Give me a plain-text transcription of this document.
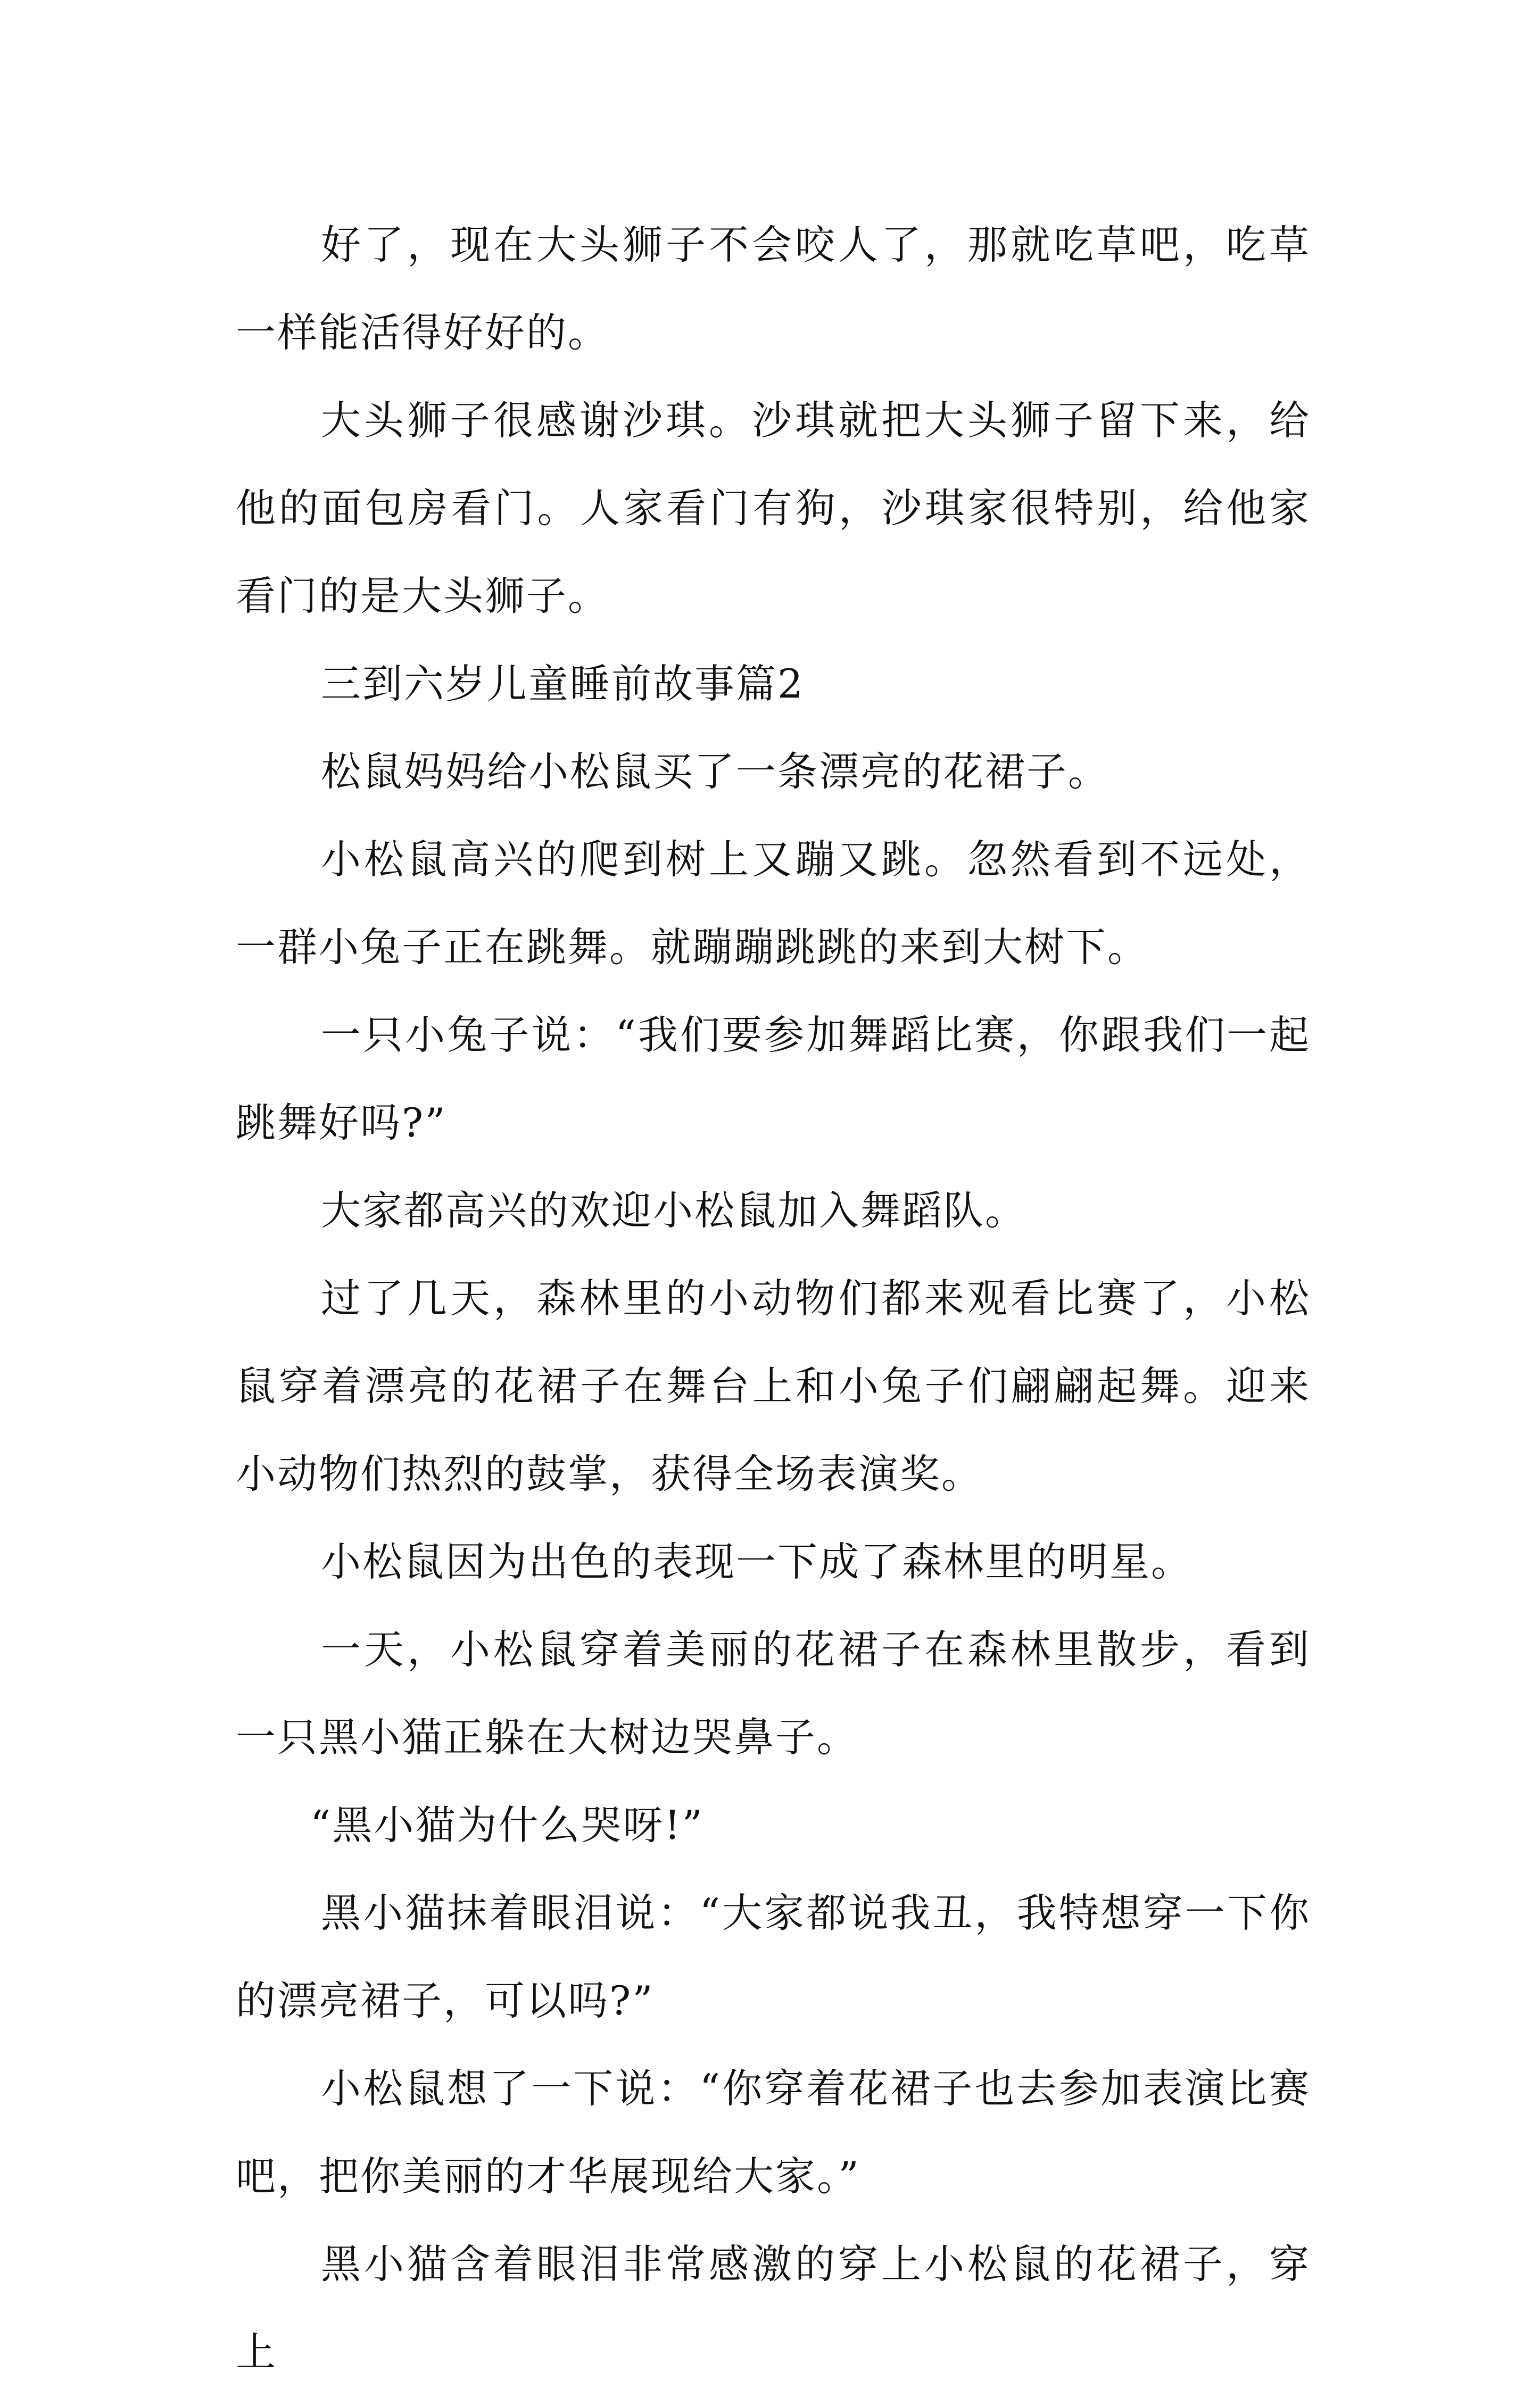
好了，现在大头狮子不会咬人了，那就吃草吧，吃草一样能活得好好的。

大头狮子很感谢沙琪。沙琪就把大头狮子留下来，给他的面包房看门。人家看门有狗，沙琪家很特别，给他家看门的是大头狮子。

三到六岁儿童睡前故事篇2

松鼠妈妈给小松鼠买了一条漂亮的花裙子。

小松鼠高兴的爬到树上又蹦又跳。忽然看到不远处，一群小兔子正在跳舞。就蹦蹦跳跳的来到大树下。

一只小兔子说：“我们要参加舞蹈比赛，你跟我们一起跳舞好吗?”

大家都高兴的欢迎小松鼠加入舞蹈队。

过了几天，森林里的小动物们都来观看比赛了，小松鼠穿着漂亮的花裙子在舞台上和小兔子们翩翩起舞。迎来小动物们热烈的鼓掌，获得全场表演奖。

小松鼠因为出色的表现一下成了森林里的明星。

一天，小松鼠穿着美丽的花裙子在森林里散步，看到一只黑小猫正躲在大树边哭鼻子。

“黑小猫为什么哭呀!”

黑小猫抹着眼泪说：“大家都说我丑，我特想穿一下你的漂亮裙子，可以吗?”

小松鼠想了一下说：“你穿着花裙子也去参加表演比赛吧，把你美丽的才华展现给大家。”

黑小猫含着眼泪非常感激的穿上小松鼠的花裙子，穿上
